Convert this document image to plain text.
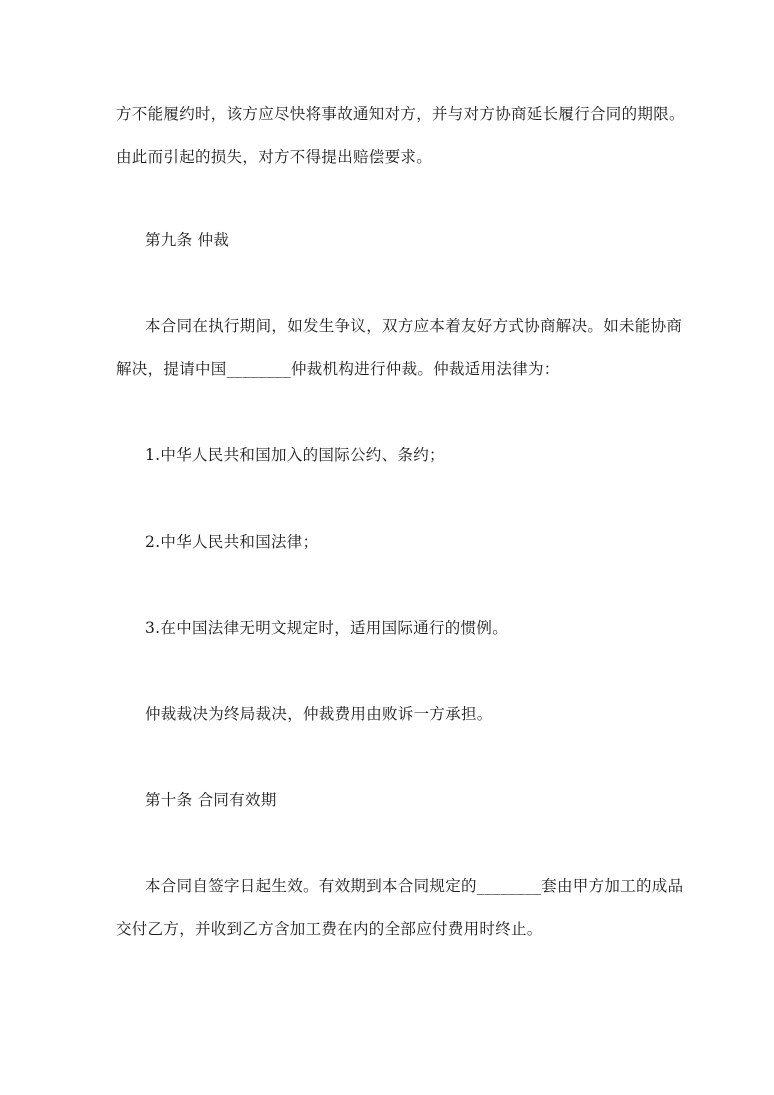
方不能履约时，该方应尽快将事故通知对方，并与对方协商延长履行合同的期限。
由此而引起的损失，对方不得提出赔偿要求。
第九条 仲裁
本合同在执行期间，如发生争议，双方应本着友好方式协商解决。如未能协商
解决，提请中国________仲裁机构进行仲裁。仲裁适用法律为：
1.中华人民共和国加入的国际公约、条约；
2.中华人民共和国法律；
3.在中国法律无明文规定时，适用国际通行的惯例。
仲裁裁决为终局裁决，仲裁费用由败诉一方承担。
第十条 合同有效期
本合同自签字日起生效。有效期到本合同规定的________套由甲方加工的成品
交付乙方，并收到乙方含加工费在内的全部应付费用时终止。
